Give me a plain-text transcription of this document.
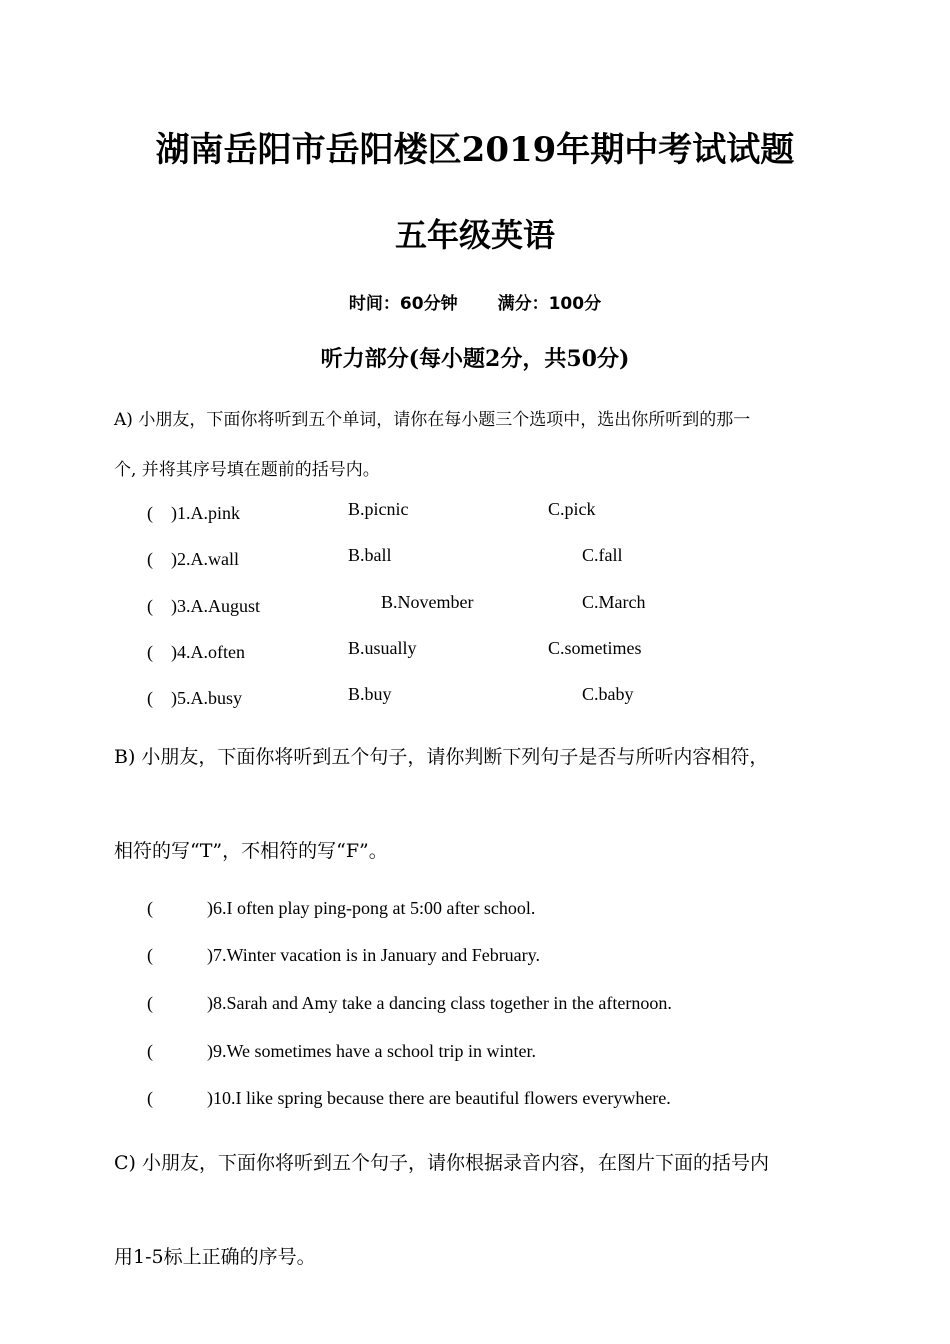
湖南岳阳市岳阳楼区2019年期中考试试题
五年级英语
时间：60分钟 满分：100分
听力部分(每小题2分，共50分)
A) 小朋友，下面你将听到五个单词，请你在每小题三个选项中，选出你所听到的那一
个, 并将其序号填在题前的括号内。
(　)1.A.pink	B.picnic	C.pick
(　)2.A.wall	B.ball	C.fall
(　)3.A.August	B.November	C.March
(　)4.A.often	B.usually	C.sometimes
(　)5.A.busy	B.buy	C.baby
B) 小朋友，下面你将听到五个句子，请你判断下列句子是否与所听内容相符，
相符的写“T”，不相符的写“F”。
(	)6.I often play ping-pong at 5:00 after school.
(	)7.Winter vacation is in January and February.
(	)8.Sarah and Amy take a dancing class together in the afternoon.
(	)9.We sometimes have a school trip in winter.
(	)10.I like spring because there are beautiful flowers everywhere.
C) 小朋友，下面你将听到五个句子，请你根据录音内容，在图片下面的括号内
用1-5标上正确的序号。
